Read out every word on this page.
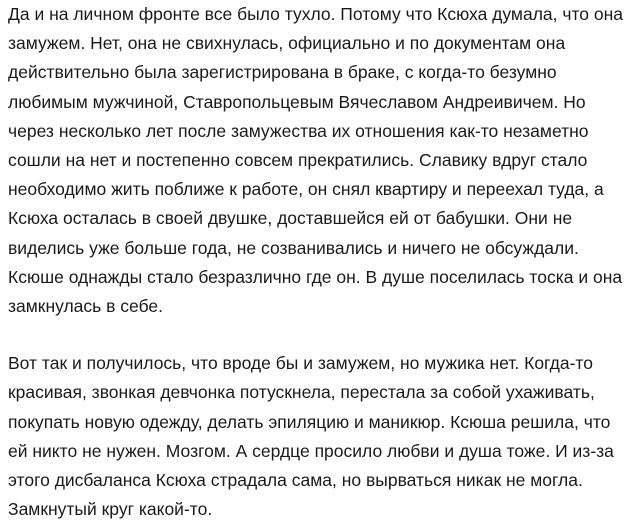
Да и на личном фронте все было тухло. Потому что Ксюха думала, что она
замужем. Нет, она не свихнулась, официально и по документам она
действительно была зарегистрирована в браке, с когда-то безумно
любимым мужчиной, Ставропольцевым Вячеславом Андреивичем. Но
через несколько лет после замужества их отношения как-то незаметно
сошли на нет и постепенно совсем прекратились. Славику вдруг стало
необходимо жить поближе к работе, он снял квартиру и переехал туда, а
Ксюха осталась в своей двушке, доставшейся ей от бабушки. Они не
виделись уже больше года, не созванивались и ничего не обсуждали.
Ксюше однажды стало безразлично где он. В душе поселилась тоска и она
замкнулась в себе.

Вот так и получилось, что вроде бы и замужем, но мужика нет. Когда-то
красивая, звонкая девчонка потускнела, перестала за собой ухаживать,
покупать новую одежду, делать эпиляцию и маникюр. Ксюша решила, что
ей никто не нужен. Мозгом. А сердце просило любви и душа тоже. И из-за
этого дисбаланса Ксюха страдала сама, но вырваться никак не могла.
Замкнутый круг какой-то.
